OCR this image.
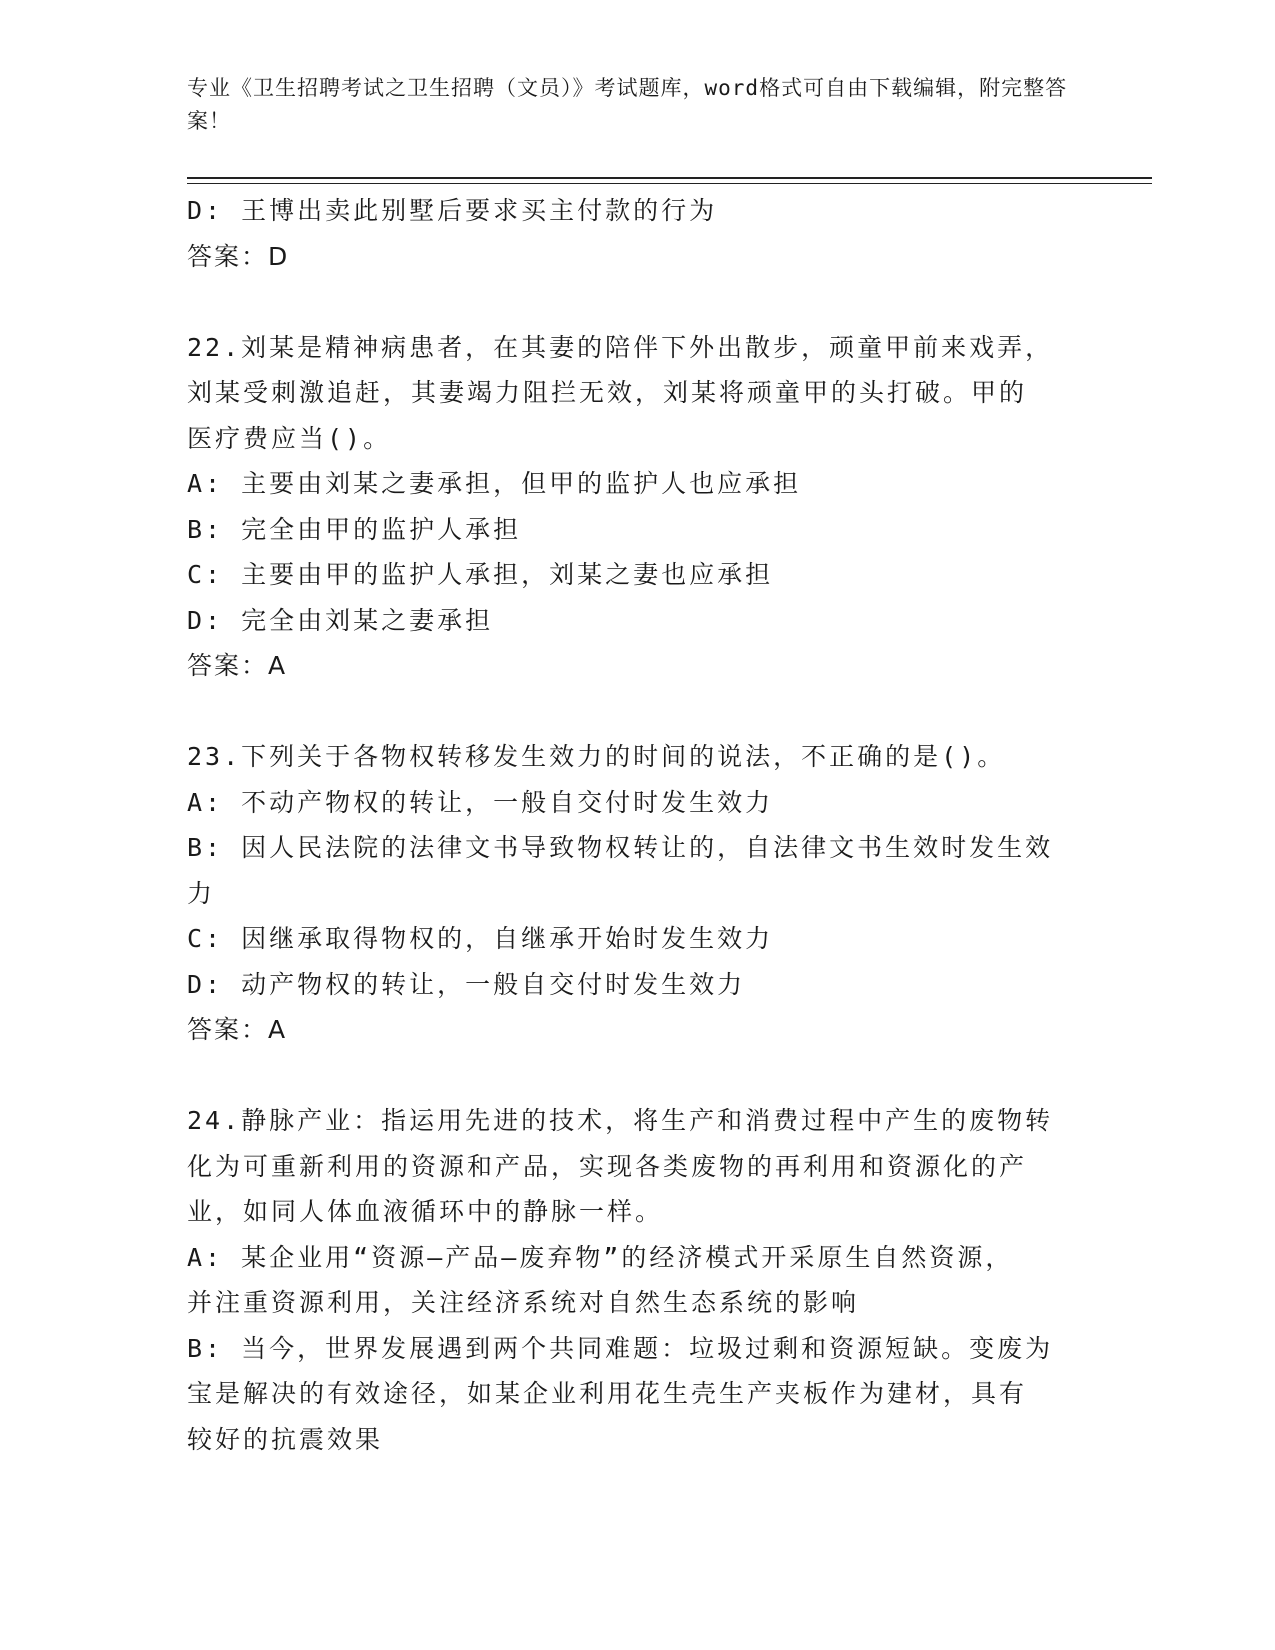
专业《卫生招聘考试之卫生招聘（文员）》考试题库，word格式可自由下载编辑，附完整答案！
D: 王博出卖此别墅后要求买主付款的行为
答案：D
22.刘某是精神病患者，在其妻的陪伴下外出散步，顽童甲前来戏弄，
刘某受刺激追赶，其妻竭力阻拦无效，刘某将顽童甲的头打破。甲的
医疗费应当()。
A: 主要由刘某之妻承担，但甲的监护人也应承担
B: 完全由甲的监护人承担
C: 主要由甲的监护人承担，刘某之妻也应承担
D: 完全由刘某之妻承担
答案：A
23.下列关于各物权转移发生效力的时间的说法，不正确的是()。
A: 不动产物权的转让，一般自交付时发生效力
B: 因人民法院的法律文书导致物权转让的，自法律文书生效时发生效
力
C: 因继承取得物权的，自继承开始时发生效力
D: 动产物权的转让，一般自交付时发生效力
答案：A
24.静脉产业：指运用先进的技术，将生产和消费过程中产生的废物转
化为可重新利用的资源和产品，实现各类废物的再利用和资源化的产
业，如同人体血液循环中的静脉一样。
A: 某企业用“资源—产品—废弃物”的经济模式开采原生自然资源，
并注重资源利用，关注经济系统对自然生态系统的影响
B: 当今，世界发展遇到两个共同难题：垃圾过剩和资源短缺。变废为
宝是解决的有效途径，如某企业利用花生壳生产夹板作为建材，具有
较好的抗震效果
